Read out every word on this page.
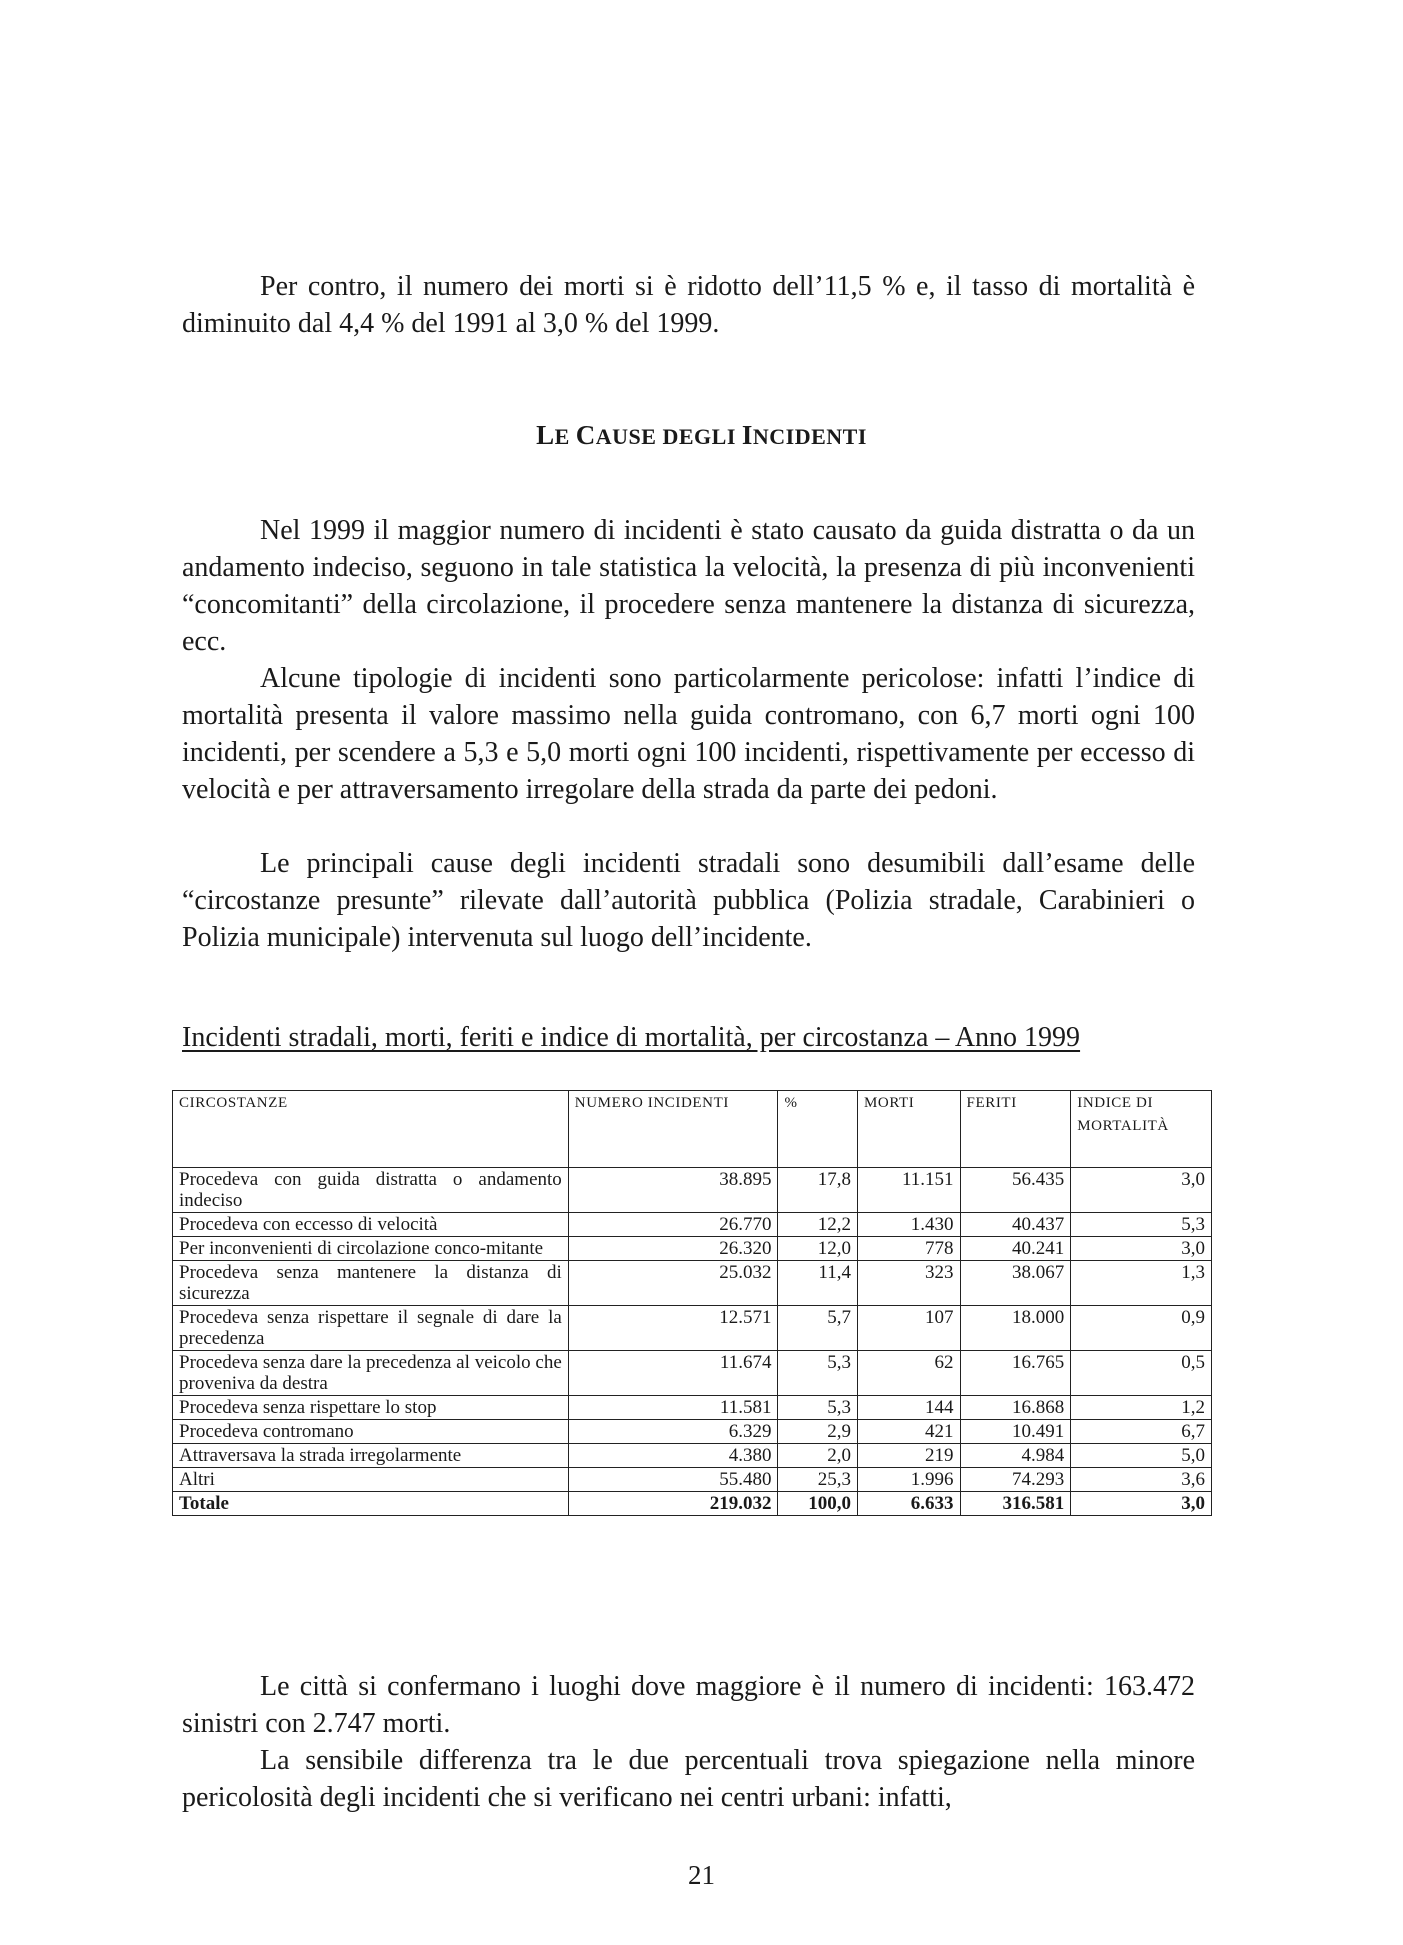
Per contro, il numero dei morti si è ridotto dell’11,5 % e, il tasso di mortalità è diminuito dal 4,4 % del 1991 al 3,0 % del 1999.

LE CAUSE DEGLI INCIDENTI

Nel 1999 il maggior numero di incidenti è stato causato da guida distratta o da un andamento indeciso, seguono in tale statistica la velocità, la presenza di più inconvenienti “concomitanti” della circolazione, il procedere senza mantenere la distanza di sicurezza, ecc.

Alcune tipologie di incidenti sono particolarmente pericolose: infatti l’indice di mortalità presenta il valore massimo nella guida contromano, con 6,7 morti ogni 100 incidenti, per scendere a 5,3 e 5,0 morti ogni 100 incidenti, rispettivamente per eccesso di velocità e per attraversamento irregolare della strada da parte dei pedoni.

Le principali cause degli incidenti stradali sono desumibili dall’esame delle “circostanze presunte” rilevate dall’autorità pubblica (Polizia stradale, Carabinieri o Polizia municipale) intervenuta sul luogo dell’incidente.

Incidenti stradali, morti, feriti e indice di mortalità, per circostanza – Anno 1999

CIRCOSTANZE	NUMERO INCIDENTI	%	MORTI	FERITI	INDICE DI MORTALITÀ
Procedeva con guida distratta o andamento indeciso	38.895	17,8	11.151	56.435	3,0
Procedeva con eccesso di velocità	26.770	12,2	1.430	40.437	5,3
Per inconvenienti di circolazione conco-mitante	26.320	12,0	778	40.241	3,0
Procedeva senza mantenere la distanza di sicurezza	25.032	11,4	323	38.067	1,3
Procedeva senza rispettare il segnale di dare la precedenza	12.571	5,7	107	18.000	0,9
Procedeva senza dare la precedenza al veicolo che proveniva da destra	11.674	5,3	62	16.765	0,5
Procedeva senza rispettare lo stop	11.581	5,3	144	16.868	1,2
Procedeva contromano	6.329	2,9	421	10.491	6,7
Attraversava la strada irregolarmente	4.380	2,0	219	4.984	5,0
Altri	55.480	25,3	1.996	74.293	3,6
Totale	219.032	100,0	6.633	316.581	3,0

Le città si confermano i luoghi dove maggiore è il numero di incidenti: 163.472 sinistri con 2.747 morti.

La sensibile differenza tra le due percentuali trova spiegazione nella minore pericolosità degli incidenti che si verificano nei centri urbani: infatti,

21
